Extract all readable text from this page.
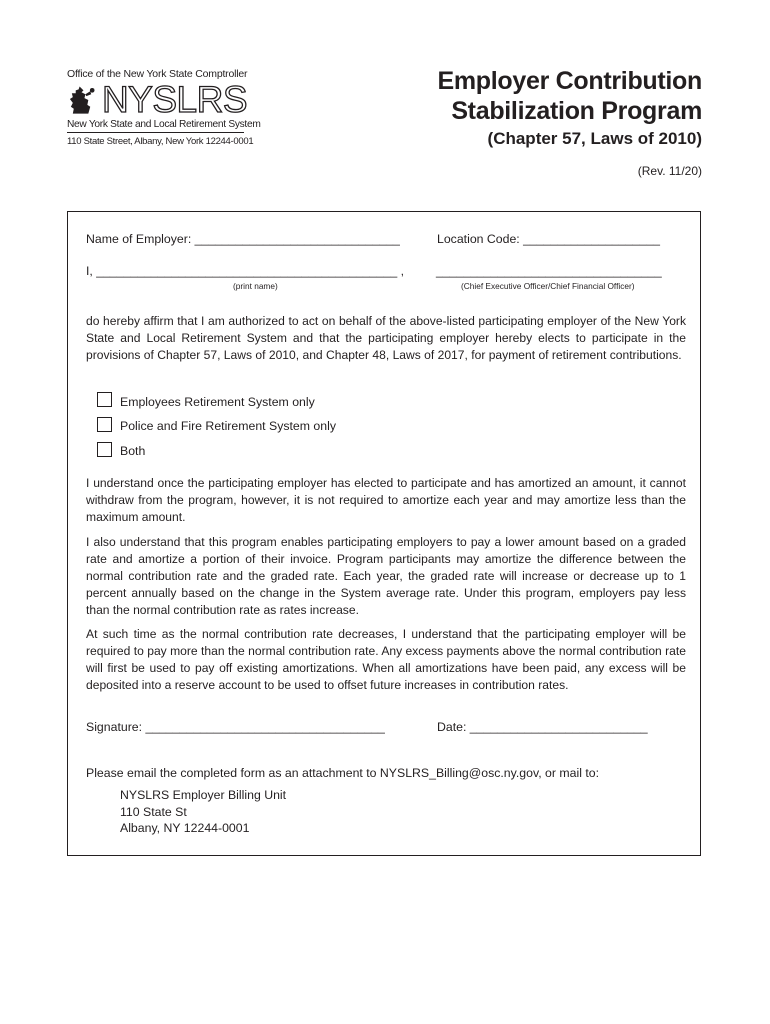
Office of the New York State Comptroller
NYSLRS
New York State and Local Retirement System
110 State Street, Albany, New York 12244-0001
Employer Contribution
Stabilization Program
(Chapter 57, Laws of 2010)
(Rev. 11/20)
Name of Employer: ______________________________	Location Code: ____________________
I, ____________________________________________ ,	_________________________________
(print name)	(Chief Executive Officer/Chief Financial Officer)

do hereby affirm that I am authorized to act on behalf of the above-listed participating employer of the New York State and Local Retirement System and that the participating employer hereby elects to participate in the provisions of Chapter 57, Laws of 2010, and Chapter 48, Laws of 2017, for payment of retirement contributions.

Employees Retirement System only
Police and Fire Retirement System only
Both

I understand once the participating employer has elected to participate and has amortized an amount, it cannot withdraw from the program, however, it is not required to amortize each year and may amortize less than the maximum amount.

I also understand that this program enables participating employers to pay a lower amount based on a graded rate and amortize a portion of their invoice. Program participants may amortize the difference between the normal contribution rate and the graded rate. Each year, the graded rate will increase or decrease up to 1 percent annually based on the change in the System average rate. Under this program, employers pay less than the normal contribution rate as rates increase.

At such time as the normal contribution rate decreases, I understand that the participating employer will be required to pay more than the normal contribution rate. Any excess payments above the normal contribution rate will first be used to pay off existing amortizations. When all amortizations have been paid, any excess will be deposited into a reserve account to be used to offset future increases in contribution rates.

Signature: ___________________________________	Date: __________________________
Please email the completed form as an attachment to NYSLRS_Billing@osc.ny.gov, or mail to:
NYSLRS Employer Billing Unit
110 State St
Albany, NY 12244-0001
